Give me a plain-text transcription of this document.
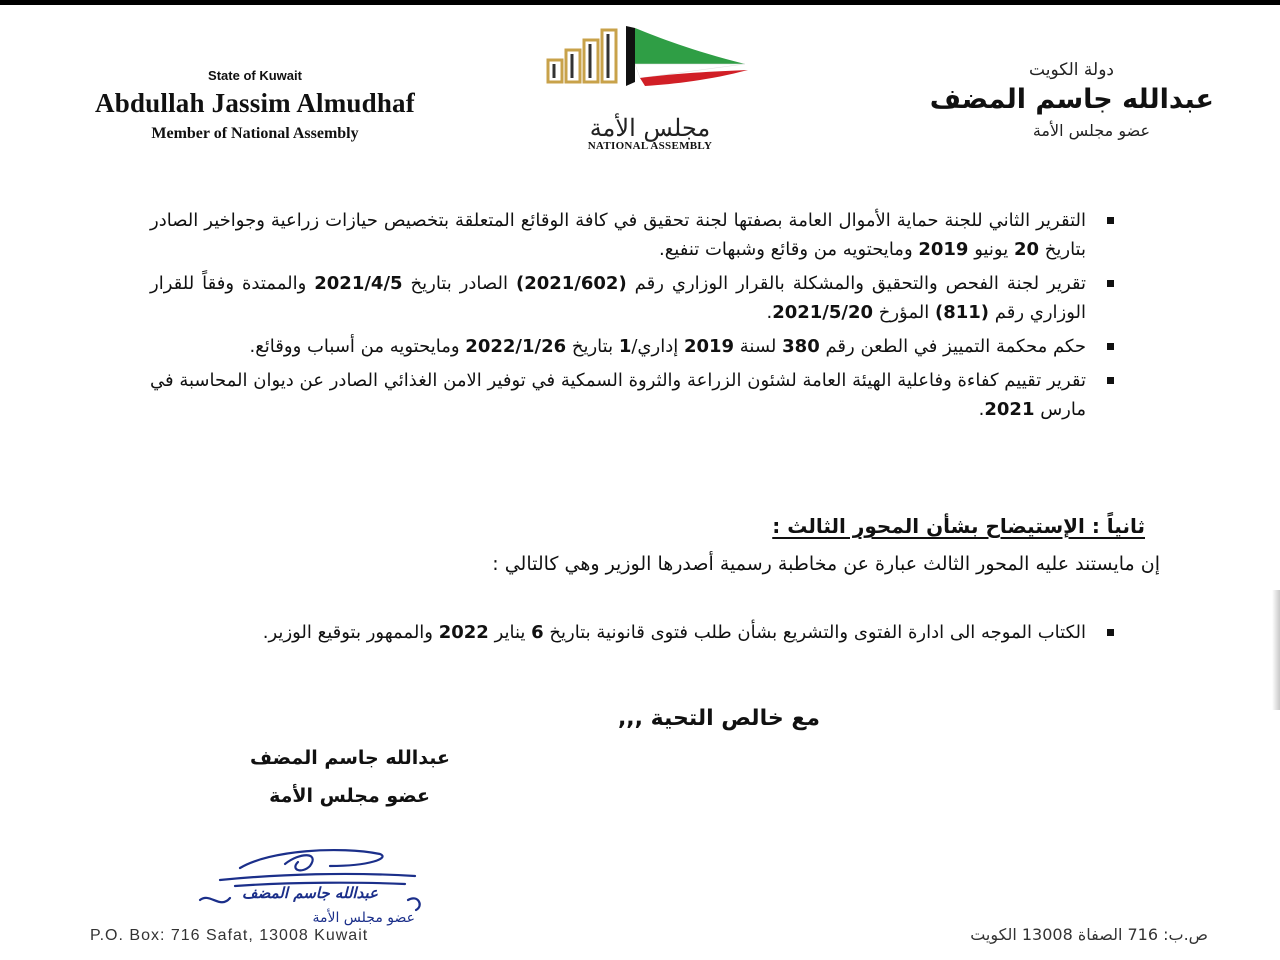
State of Kuwait
Abdullah Jassim Almudhaf
Member of National Assembly	مجلس الأمة
NATIONAL ASSEMBLY
دولة الكويت
عبدالله جاسم المضف
عضو مجلس الأمة
التقرير الثاني للجنة حماية الأموال العامة بصفتها لجنة تحقيق في كافة الوقائع المتعلقة بتخصيص حيازات زراعية وجواخير الصادر بتاريخ 20 يونيو 2019 ومايحتويه من وقائع وشبهات تنفيع.
تقرير لجنة الفحص والتحقيق والمشكلة بالقرار الوزاري رقم (2021/602) الصادر بتاريخ 2021/4/5 والممتدة وفقاً للقرار الوزاري رقم (811) المؤرخ 2021/5/20.
حكم محكمة التمييز في الطعن رقم 380 لسنة 2019 إداري/1 بتاريخ 2022/1/26 ومايحتويه من أسباب ووقائع.
تقرير تقييم كفاءة وفاعلية الهيئة العامة لشئون الزراعة والثروة السمكية في توفير الامن الغذائي الصادر عن ديوان المحاسبة في مارس 2021.
ثانياً : الإستيضاح بشأن المحور الثالث :
إن مايستند عليه المحور الثالث عبارة عن مخاطبة رسمية أصدرها الوزير وهي كالتالي :
الكتاب الموجه الى ادارة الفتوى والتشريع بشأن طلب فتوى قانونية بتاريخ 6 يناير 2022 والممهور بتوقيع الوزير.
مع خالص التحية ,,,
عبدالله جاسم المضف
عضو مجلس الأمة
عبدالله جاسم المضف
عضو مجلس الأمة
P.O. Box: 716 Safat, 13008 Kuwait	ص.ب: 716 الصفاة 13008 الكويت
